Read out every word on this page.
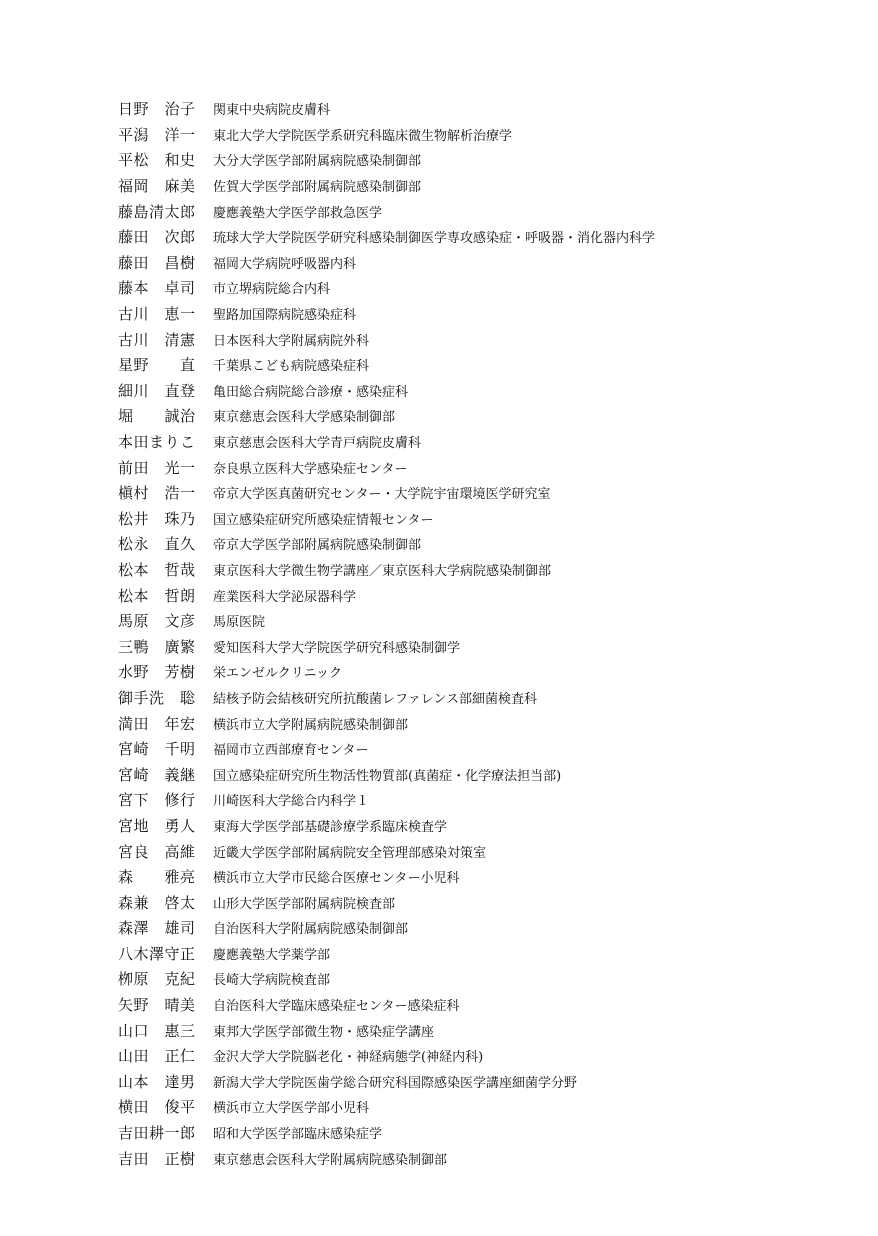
日野　治子	関東中央病院皮膚科
平潟　洋一	東北大学大学院医学系研究科臨床微生物解析治療学
平松　和史	大分大学医学部附属病院感染制御部
福岡　麻美	佐賀大学医学部附属病院感染制御部
藤島清太郎	慶應義塾大学医学部救急医学
藤田　次郎	琉球大学大学院医学研究科感染制御医学専攻感染症・呼吸器・消化器内科学
藤田　昌樹	福岡大学病院呼吸器内科
藤本　卓司	市立堺病院総合内科
古川　恵一	聖路加国際病院感染症科
古川　清憲	日本医科大学附属病院外科
星野　　直	千葉県こども病院感染症科
細川　直登	亀田総合病院総合診療・感染症科
堀　　誠治	東京慈恵会医科大学感染制御部
本田まりこ	東京慈恵会医科大学青戸病院皮膚科
前田　光一	奈良県立医科大学感染症センター
槇村　浩一	帝京大学医真菌研究センター・大学院宇宙環境医学研究室
松井　珠乃	国立感染症研究所感染症情報センター
松永　直久	帝京大学医学部附属病院感染制御部
松本　哲哉	東京医科大学微生物学講座／東京医科大学病院感染制御部
松本　哲朗	産業医科大学泌尿器科学
馬原　文彦	馬原医院
三鴨　廣繁	愛知医科大学大学院医学研究科感染制御学
水野　芳樹	栄エンゼルクリニック
御手洗　聡	結核予防会結核研究所抗酸菌レファレンス部細菌検査科
満田　年宏	横浜市立大学附属病院感染制御部
宮崎　千明	福岡市立西部療育センター
宮崎　義継	国立感染症研究所生物活性物質部(真菌症・化学療法担当部)
宮下　修行	川崎医科大学総合内科学１
宮地　勇人	東海大学医学部基礎診療学系臨床検査学
宮良　高維	近畿大学医学部附属病院安全管理部感染対策室
森　　雅亮	横浜市立大学市民総合医療センター小児科
森兼　啓太	山形大学医学部附属病院検査部
森澤　雄司	自治医科大学附属病院感染制御部
八木澤守正	慶應義塾大学薬学部
栁原　克紀	長崎大学病院検査部
矢野　晴美	自治医科大学臨床感染症センター感染症科
山口　惠三	東邦大学医学部微生物・感染症学講座
山田　正仁	金沢大学大学院脳老化・神経病態学(神経内科)
山本　達男	新潟大学大学院医歯学総合研究科国際感染医学講座細菌学分野
横田　俊平	横浜市立大学医学部小児科
吉田耕一郎	昭和大学医学部臨床感染症学
吉田　正樹	東京慈恵会医科大学附属病院感染制御部
